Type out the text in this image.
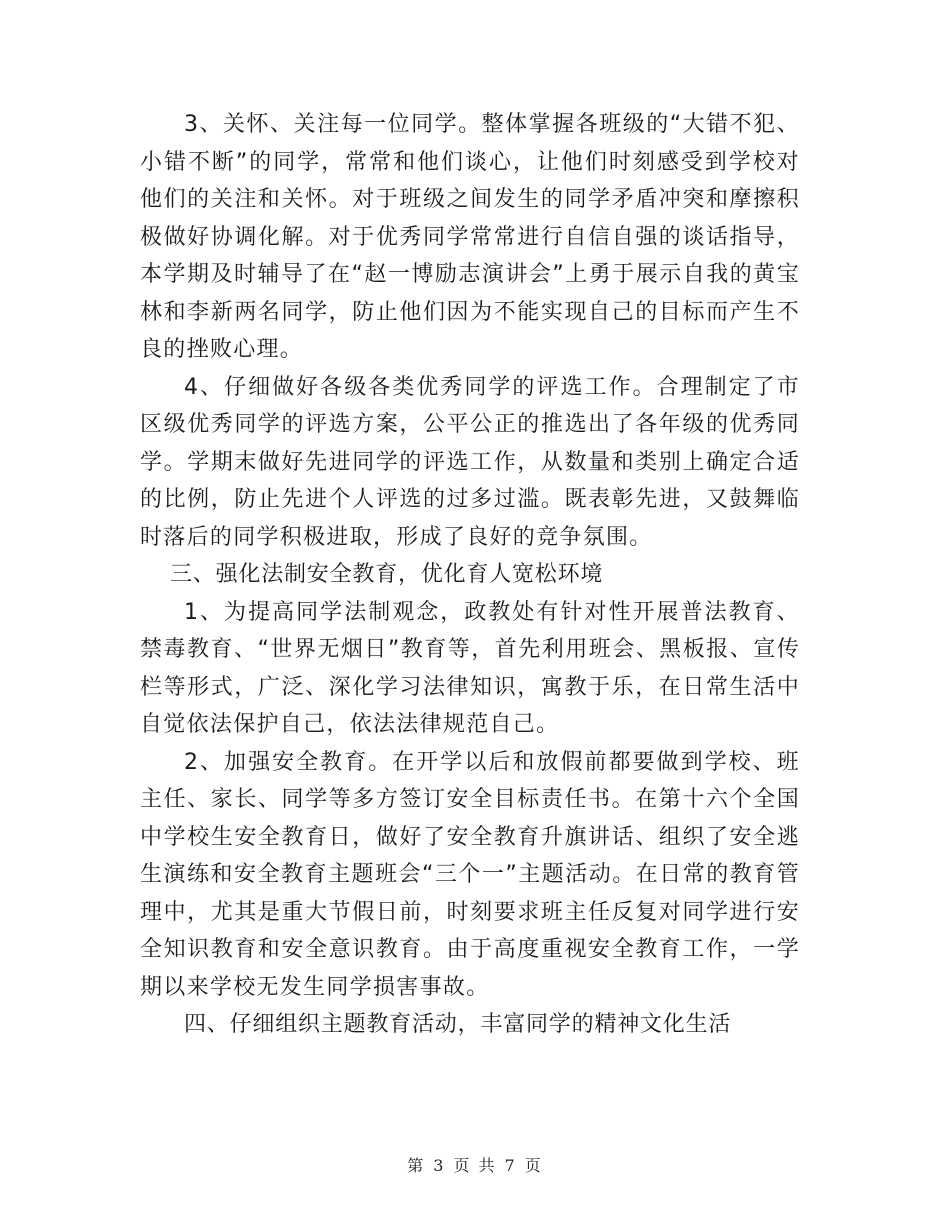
3、关怀、关注每一位同学。整体掌握各班级的“大错不犯、小错不断”的同学，常常和他们谈心，让他们时刻感受到学校对他们的关注和关怀。对于班级之间发生的同学矛盾冲突和摩擦积极做好协调化解。对于优秀同学常常进行自信自强的谈话指导，本学期及时辅导了在“赵一博励志演讲会”上勇于展示自我的黄宝林和李新两名同学，防止他们因为不能实现自己的目标而产生不良的挫败心理。

4、仔细做好各级各类优秀同学的评选工作。合理制定了市区级优秀同学的评选方案，公平公正的推选出了各年级的优秀同学。学期末做好先进同学的评选工作，从数量和类别上确定合适的比例，防止先进个人评选的过多过滥。既表彰先进，又鼓舞临时落后的同学积极进取，形成了良好的竞争氛围。

三、强化法制安全教育，优化育人宽松环境

1、为提高同学法制观念，政教处有针对性开展普法教育、禁毒教育、“世界无烟日”教育等，首先利用班会、黑板报、宣传栏等形式，广泛、深化学习法律知识，寓教于乐，在日常生活中自觉依法保护自己，依法法律规范自己。

2、加强安全教育。在开学以后和放假前都要做到学校、班主任、家长、同学等多方签订安全目标责任书。在第十六个全国中学校生安全教育日，做好了安全教育升旗讲话、组织了安全逃生演练和安全教育主题班会“三个一”主题活动。在日常的教育管理中，尤其是重大节假日前，时刻要求班主任反复对同学进行安全知识教育和安全意识教育。由于高度重视安全教育工作，一学期以来学校无发生同学损害事故。

四、仔细组织主题教育活动，丰富同学的精神文化生活

第 3 页 共 7 页
